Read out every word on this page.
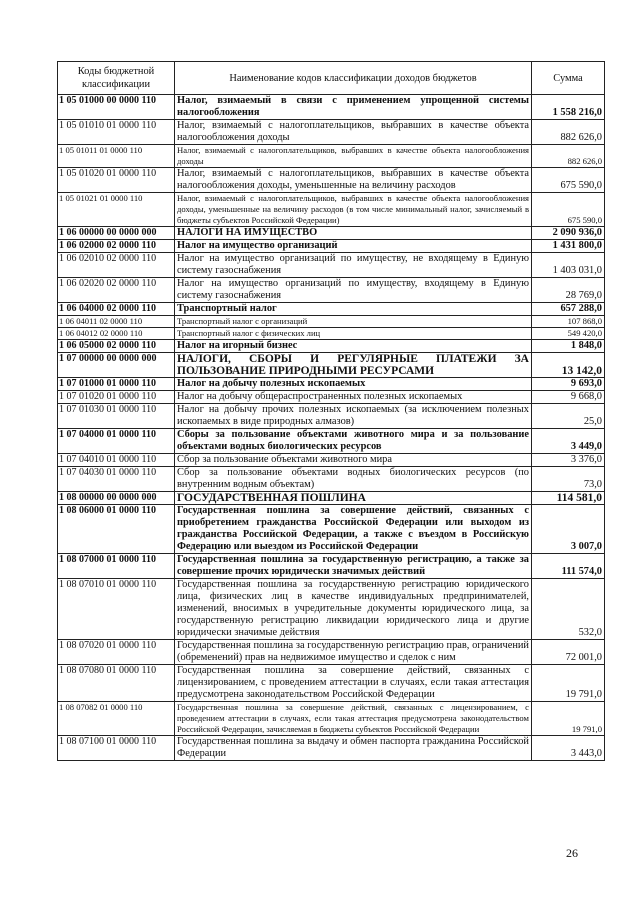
Коды бюджетной классификации	Наименование кодов классификации доходов бюджетов	Сумма
1 05 01000 00 0000 110	Налог, взимаемый в связи с применением упрощенной системы налогообложения	1 558 216,0
1 05 01010 01 0000 110	Налог, взимаемый с налогоплательщиков, выбравших в качестве объекта налогообложения доходы	882 626,0
1 05 01011 01 0000 110	Налог, взимаемый с налогоплательщиков, выбравших в качестве объекта налогообложения доходы	882 626,0
1 05 01020 01 0000 110	Налог, взимаемый с налогоплательщиков, выбравших в качестве объекта налогообложения доходы, уменьшенные на величину расходов	675 590,0
1 05 01021 01 0000 110	Налог, взимаемый с налогоплательщиков, выбравших в качестве объекта налогообложения доходы, уменьшенные на величину расходов (в том числе минимальный налог, зачисляемый в бюджеты субъектов Российской Федерации)	675 590,0
1 06 00000 00 0000 000	НАЛОГИ НА ИМУЩЕСТВО	2 090 936,0
1 06 02000 02 0000 110	Налог на имущество организаций	1 431 800,0
1 06 02010 02 0000 110	Налог на имущество организаций по имуществу, не входящему в Единую систему газоснабжения	1 403 031,0
1 06 02020 02 0000 110	Налог на имущество организаций по имуществу, входящему в Единую систему газоснабжения	28 769,0
1 06 04000 02 0000 110	Транспортный налог	657 288,0
1 06 04011 02 0000 110	Транспортный налог с организаций	107 868,0
1 06 04012 02 0000 110	Транспортный налог с физических лиц	549 420,0
1 06 05000 02 0000 110	Налог на игорный бизнес	1 848,0
1 07 00000 00 0000 000	НАЛОГИ, СБОРЫ И РЕГУЛЯРНЫЕ ПЛАТЕЖИ ЗА ПОЛЬЗОВАНИЕ ПРИРОДНЫМИ РЕСУРСАМИ	13 142,0
1 07 01000 01 0000 110	Налог на добычу полезных ископаемых	9 693,0
1 07 01020 01 0000 110	Налог на добычу общераспространенных полезных ископаемых	9 668,0
1 07 01030 01 0000 110	Налог на добычу прочих полезных ископаемых (за исключением полезных ископаемых в виде природных алмазов)	25,0
1 07 04000 01 0000 110	Сборы за пользование объектами животного мира и за пользование объектами водных биологических ресурсов	3 449,0
1 07 04010 01 0000 110	Сбор за пользование объектами животного мира	3 376,0
1 07 04030 01 0000 110	Сбор за пользование объектами водных биологических ресурсов (по внутренним водным объектам)	73,0
1 08 00000 00 0000 000	ГОСУДАРСТВЕННАЯ ПОШЛИНА	114 581,0
1 08 06000 01 0000 110	Государственная пошлина за совершение действий, связанных с приобретением гражданства Российской Федерации или выходом из гражданства Российской Федерации, а также с въездом в Российскую Федерацию или выездом из Российской Федерации	3 007,0
1 08 07000 01 0000 110	Государственная пошлина за государственную регистрацию, а также за совершение прочих юридически значимых действий	111 574,0
1 08 07010 01 0000 110	Государственная пошлина за государственную регистрацию юридического лица, физических лиц в качестве индивидуальных предпринимателей, изменений, вносимых в учредительные документы юридического лица, за государственную регистрацию ликвидации юридического лица и другие юридически значимые действия	532,0
1 08 07020 01 0000 110	Государственная пошлина за государственную регистрацию прав, ограничений (обременений) прав на недвижимое имущество и сделок с ним	72 001,0
1 08 07080 01 0000 110	Государственная пошлина за совершение действий, связанных с лицензированием, с проведением аттестации в случаях, если такая аттестация предусмотрена законодательством Российской Федерации	19 791,0
1 08 07082 01 0000 110	Государственная пошлина за совершение действий, связанных с лицензированием, с проведением аттестации в случаях, если такая аттестация предусмотрена законодательством Российской Федерации, зачисляемая в бюджеты субъектов Российской Федерации	19 791,0
1 08 07100 01 0000 110	Государственная пошлина за выдачу и обмен паспорта гражданина Российской Федерации	3 443,0
26
